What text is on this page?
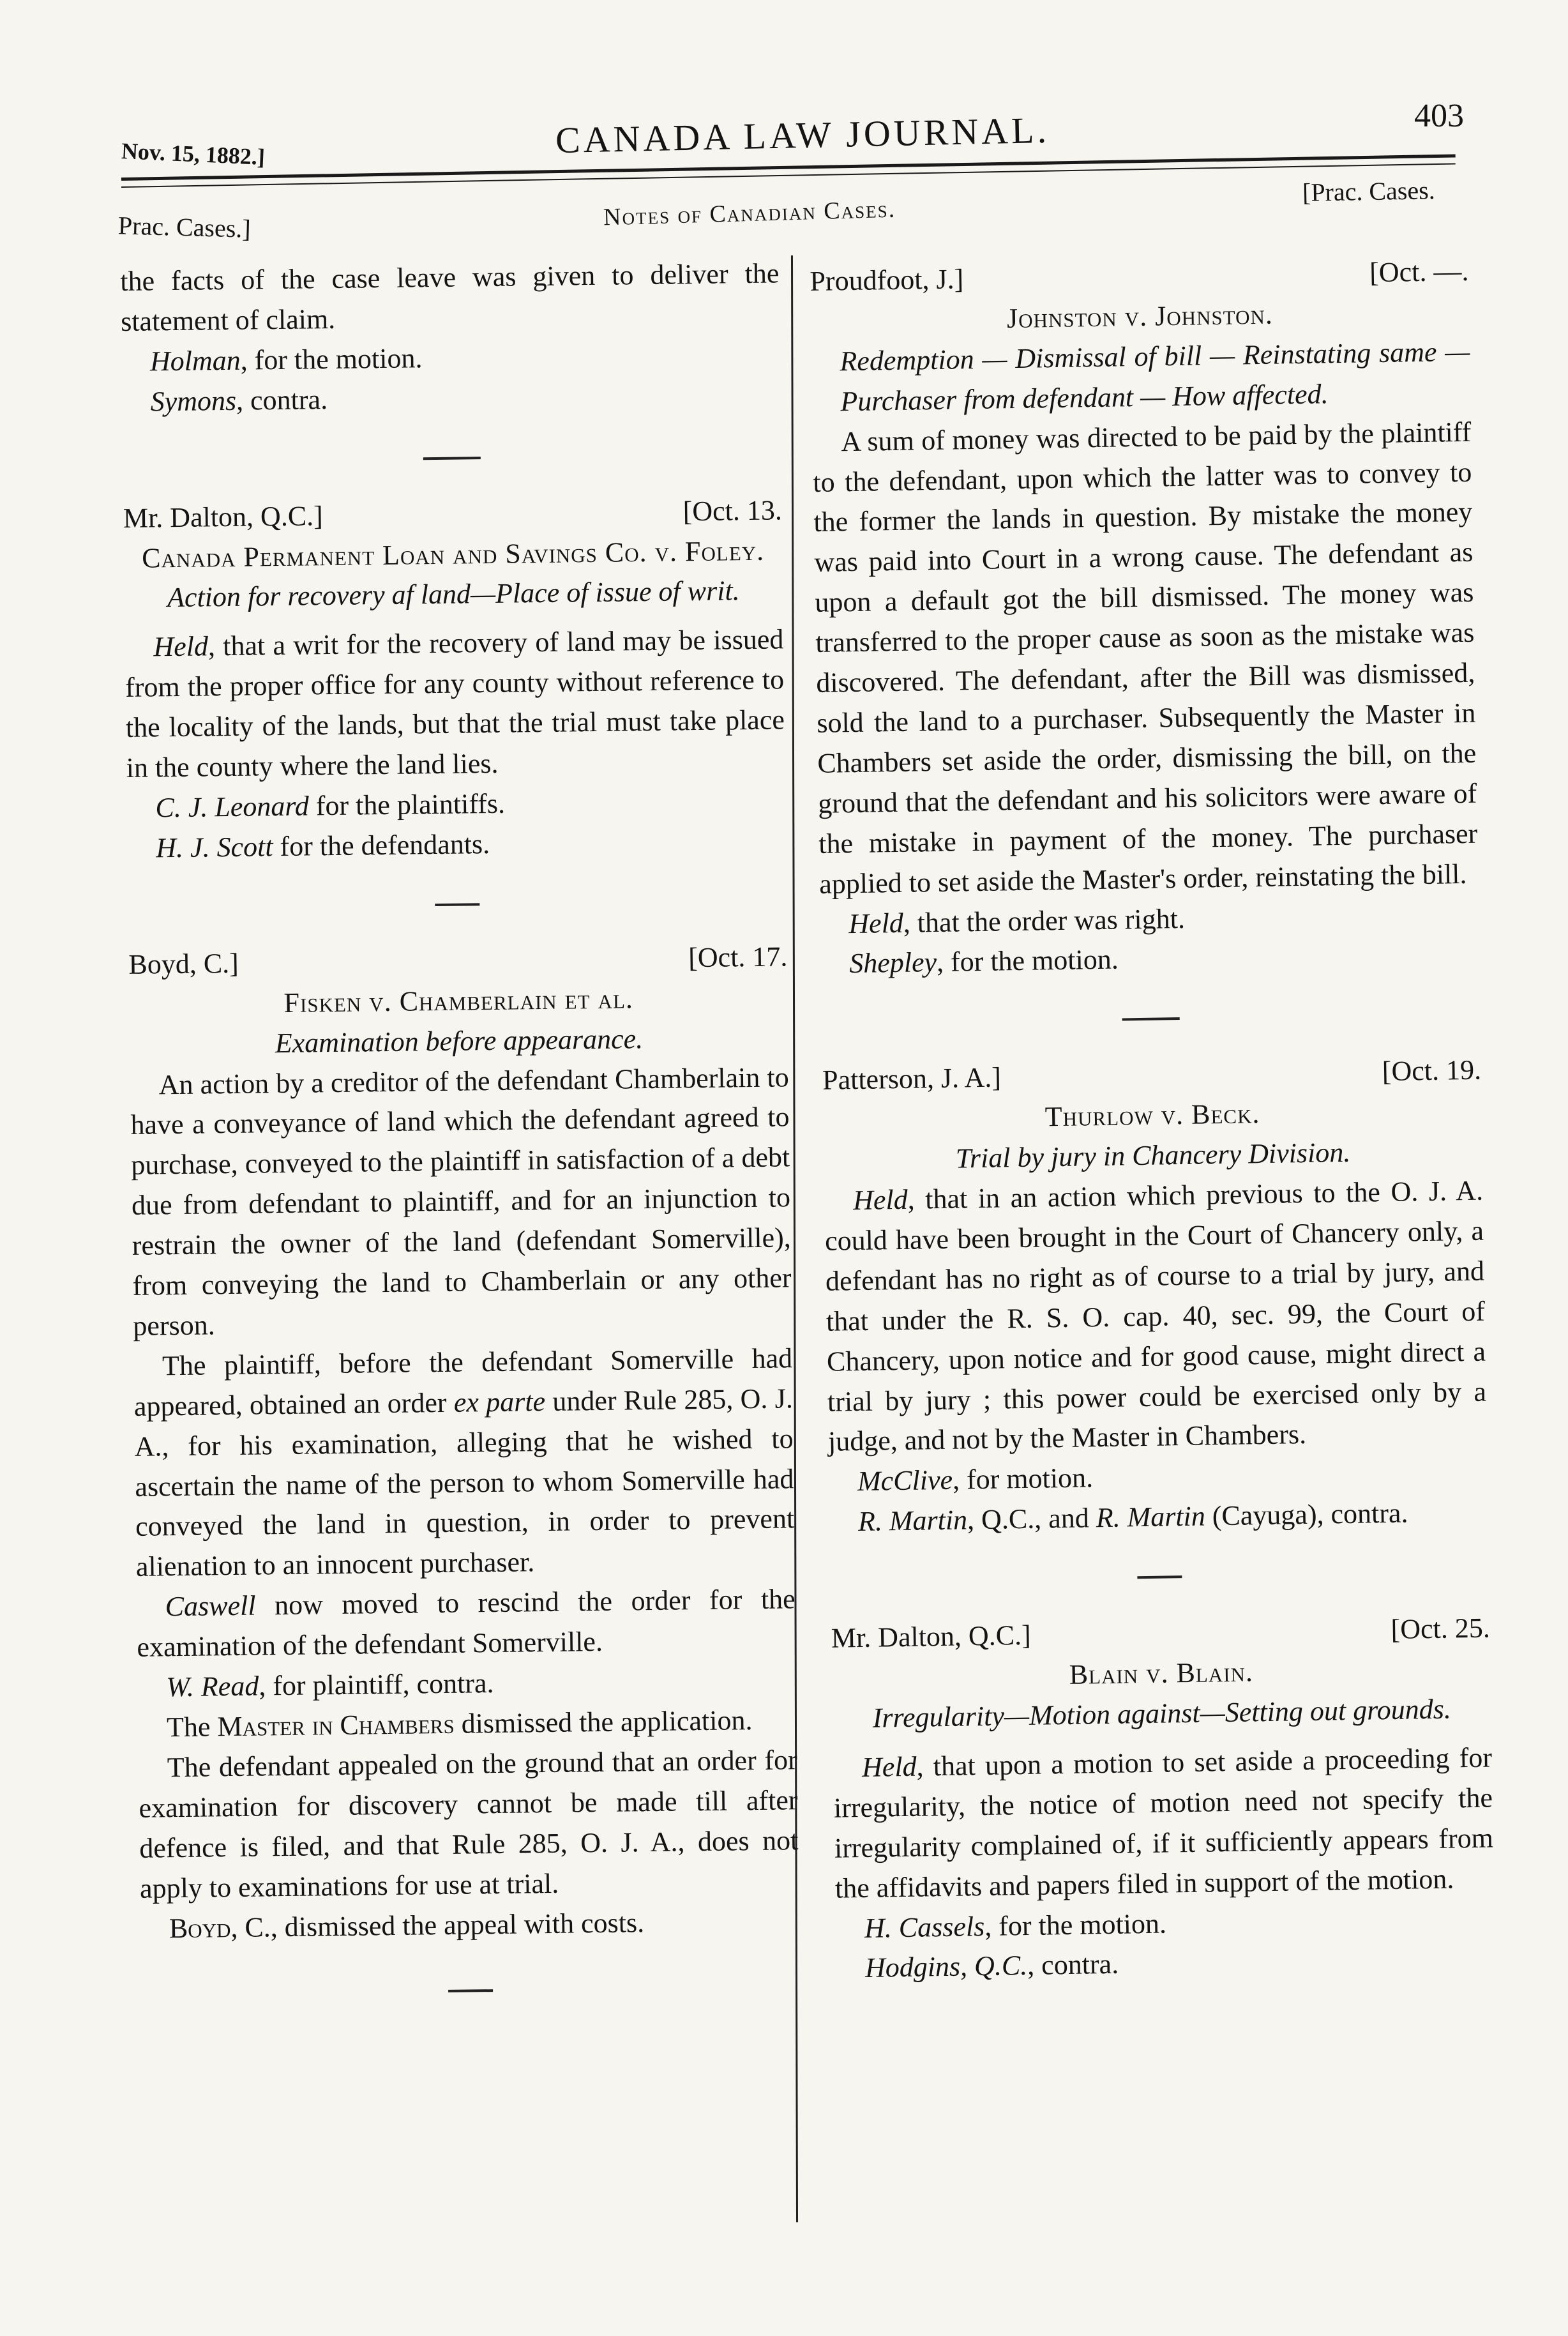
Nov. 15, 1882.]	CANADA LAW JOURNAL.	403
Prac. Cases.]	Notes of Canadian Cases.
[Prac. Cases.

the facts of the case leave was given to deliver the statement of claim.

Holman, for the motion.

Symons, contra.

Mr. Dalton, Q.C.]	[Oct. 13.

Canada Permanent Loan and Savings Co. v. Foley.

Action for recovery af land—Place of issue of writ.

Held, that a writ for the recovery of land may be issued from the proper office for any county without reference to the locality of the lands, but that the trial must take place in the county where the land lies.

C. J. Leonard for the plaintiffs.

H. J. Scott for the defendants.

Boyd, C.]	[Oct. 17.

Fisken v. Chamberlain et al.

Examination before appearance.

An action by a creditor of the defendant Chamberlain to have a conveyance of land which the defendant agreed to purchase, conveyed to the plaintiff in satisfaction of a debt due from defendant to plaintiff, and for an injunction to restrain the owner of the land (defendant Somerville), from conveying the land to Chamberlain or any other person.

The plaintiff, before the defendant Somerville had appeared, obtained an order ex parte under Rule 285, O. J. A., for his examination, alleging that he wished to ascertain the name of the person to whom Somerville had conveyed the land in question, in order to prevent alienation to an innocent purchaser.

Caswell now moved to rescind the order for the examination of the defendant Somerville.

W. Read, for plaintiff, contra.

The Master in Chambers dismissed the application.

The defendant appealed on the ground that an order for examination for discovery cannot be made till after defence is filed, and that Rule 285, O. J. A., does not apply to examinations for use at trial.

Boyd, C., dismissed the appeal with costs.

Proudfoot, J.]	[Oct. —.

Johnston v. Johnston.

Redemption — Dismissal of bill — Reinstating same — Purchaser from defendant — How affected.

A sum of money was directed to be paid by the plaintiff to the defendant, upon which the latter was to convey to the former the lands in question. By mistake the money was paid into Court in a wrong cause. The defendant as upon a default got the bill dismissed. The money was transferred to the proper cause as soon as the mistake was discovered. The defendant, after the Bill was dismissed, sold the land to a purchaser. Subsequently the Master in Chambers set aside the order, dismissing the bill, on the ground that the defendant and his solicitors were aware of the mistake in payment of the money. The purchaser applied to set aside the Master's order, reinstating the bill.

Held, that the order was right.

Shepley, for the motion.

Patterson, J. A.]	[Oct. 19.

Thurlow v. Beck.

Trial by jury in Chancery Division.

Held, that in an action which previous to the O. J. A. could have been brought in the Court of Chancery only, a defendant has no right as of course to a trial by jury, and that under the R. S. O. cap. 40, sec. 99, the Court of Chancery, upon notice and for good cause, might direct a trial by jury ; this power could be exercised only by a judge, and not by the Master in Chambers.

McClive, for motion.

R. Martin, Q.C., and R. Martin (Cayuga), contra.

Mr. Dalton, Q.C.]	[Oct. 25.

Blain v. Blain.

Irregularity—Motion against—Setting out grounds.

Held, that upon a motion to set aside a proceeding for irregularity, the notice of motion need not specify the irregularity complained of, if it sufficiently appears from the affidavits and papers filed in support of the motion.

H. Cassels, for the motion.

Hodgins, Q.C., contra.
